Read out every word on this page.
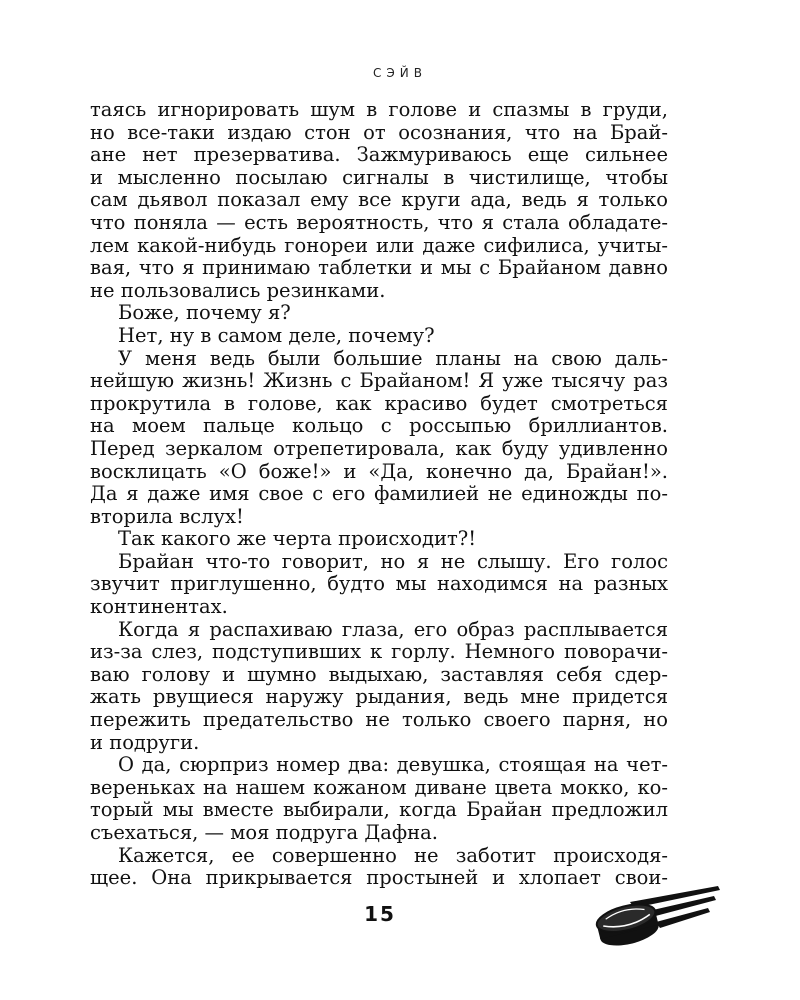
СЭЙВ
таясь игнорировать шум в голове и спазмы в груди,
но все-таки издаю стон от осознания, что на Брай-
ане нет презерватива. Зажмуриваюсь еще сильнее
и мысленно посылаю сигналы в чистилище, чтобы
сам дьявол показал ему все круги ада, ведь я только
что поняла — есть вероятность, что я стала обладате-
лем какой-нибудь гонореи или даже сифилиса, учиты-
вая, что я принимаю таблетки и мы с Брайаном давно
не пользовались резинками.
Боже, почему я?
Нет, ну в самом деле, почему?
У меня ведь были большие планы на свою даль-
нейшую жизнь! Жизнь с Брайаном! Я уже тысячу раз
прокрутила в голове, как красиво будет смотреться
на моем пальце кольцо с россыпью бриллиантов.
Перед зеркалом отрепетировала, как буду удивленно
восклицать «О боже!» и «Да, конечно да, Брайан!».
Да я даже имя свое с его фамилией не единожды по-
вторила вслух!
Так какого же черта происходит?!
Брайан что-то говорит, но я не слышу. Его голос
звучит приглушенно, будто мы находимся на разных
континентах.
Когда я распахиваю глаза, его образ расплывается
из-за слез, подступивших к горлу. Немного поворачи-
ваю голову и шумно выдыхаю, заставляя себя сдер-
жать рвущиеся наружу рыдания, ведь мне придется
пережить предательство не только своего парня, но
и подруги.
О да, сюрприз номер два: девушка, стоящая на чет-
вереньках на нашем кожаном диване цвета мокко, ко-
торый мы вместе выбирали, когда Брайан предложил
съехаться, — моя подруга Дафна.
Кажется, ее совершенно не заботит происходя-
щее. Она прикрывается простыней и хлопает свои-
15
